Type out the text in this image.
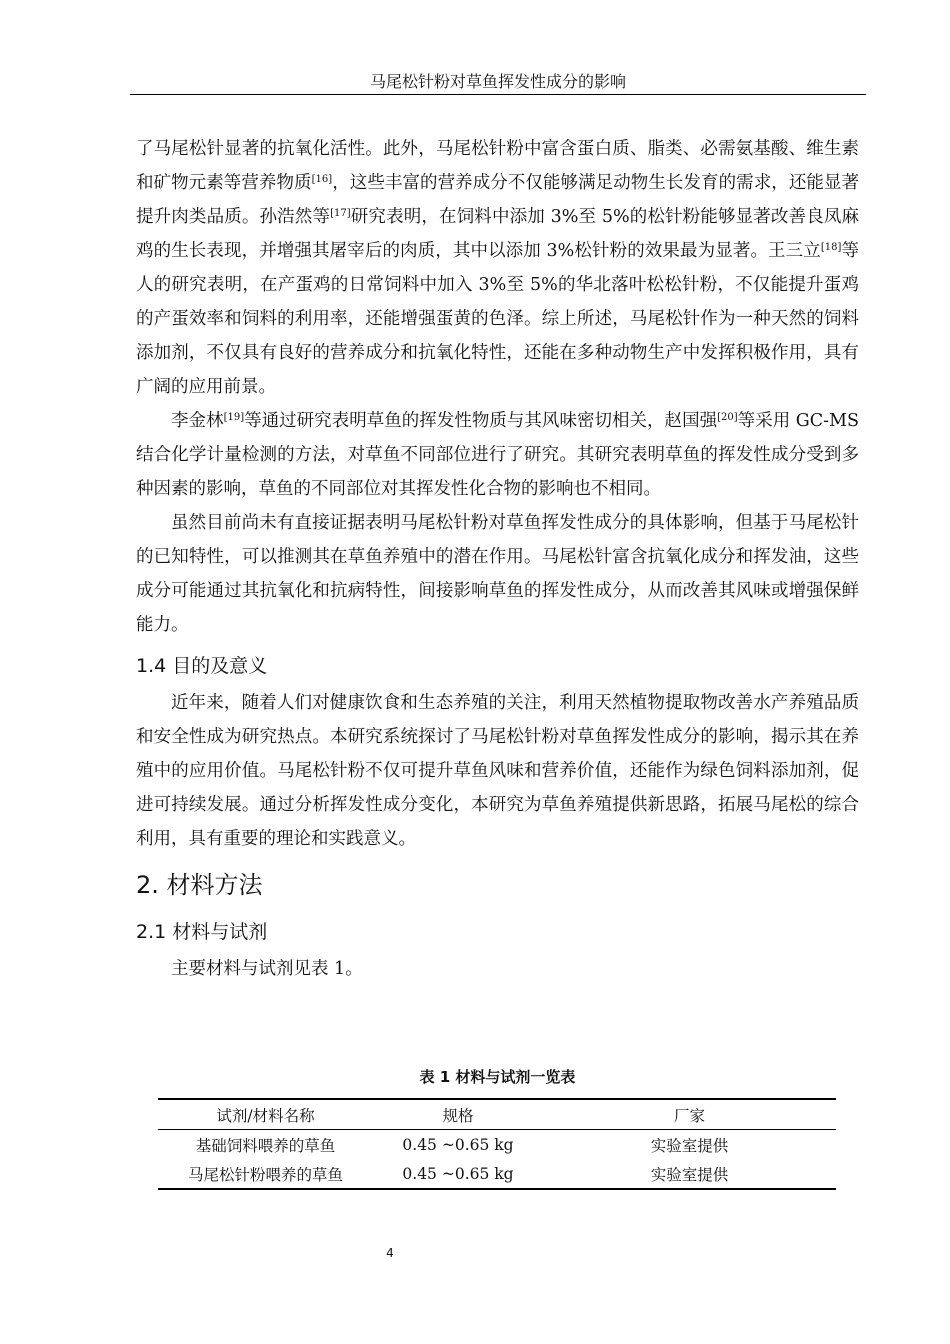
马尾松针粉对草鱼挥发性成分的影响

了马尾松针显著的抗氧化活性。此外，马尾松针粉中富含蛋白质、脂类、必需氨基酸、维生素和矿物元素等营养物质[16]，这些丰富的营养成分不仅能够满足动物生长发育的需求，还能显著提升肉类品质。孙浩然等[17]研究表明，在饲料中添加 3%至 5%的松针粉能够显著改善良凤麻鸡的生长表现，并增强其屠宰后的肉质，其中以添加 3%松针粉的效果最为显著。王三立[18]等人的研究表明，在产蛋鸡的日常饲料中加入 3%至 5%的华北落叶松松针粉，不仅能提升蛋鸡的产蛋效率和饲料的利用率，还能增强蛋黄的色泽。综上所述，马尾松针作为一种天然的饲料添加剂，不仅具有良好的营养成分和抗氧化特性，还能在多种动物生产中发挥积极作用，具有广阔的应用前景。

李金林[19]等通过研究表明草鱼的挥发性物质与其风味密切相关，赵国强[20]等采用 GC-MS 结合化学计量检测的方法，对草鱼不同部位进行了研究。其研究表明草鱼的挥发性成分受到多种因素的影响，草鱼的不同部位对其挥发性化合物的影响也不相同。

虽然目前尚未有直接证据表明马尾松针粉对草鱼挥发性成分的具体影响，但基于马尾松针的已知特性，可以推测其在草鱼养殖中的潜在作用。马尾松针富含抗氧化成分和挥发油，这些成分可能通过其抗氧化和抗病特性，间接影响草鱼的挥发性成分，从而改善其风味或增强保鲜能力。

1.4 目的及意义

近年来，随着人们对健康饮食和生态养殖的关注，利用天然植物提取物改善水产养殖品质和安全性成为研究热点。本研究系统探讨了马尾松针粉对草鱼挥发性成分的影响，揭示其在养殖中的应用价值。马尾松针粉不仅可提升草鱼风味和营养价值，还能作为绿色饲料添加剂，促进可持续发展。通过分析挥发性成分变化，本研究为草鱼养殖提供新思路，拓展马尾松的综合利用，具有重要的理论和实践意义。

2. 材料方法
2.1 材料与试剂

主要材料与试剂见表 1。

表 1 材料与试剂一览表
试剂/材料名称	规格	厂家
基础饲料喂养的草鱼	0.45 ~0.65 kg	实验室提供
马尾松针粉喂养的草鱼	0.45 ~0.65 kg	实验室提供
4
